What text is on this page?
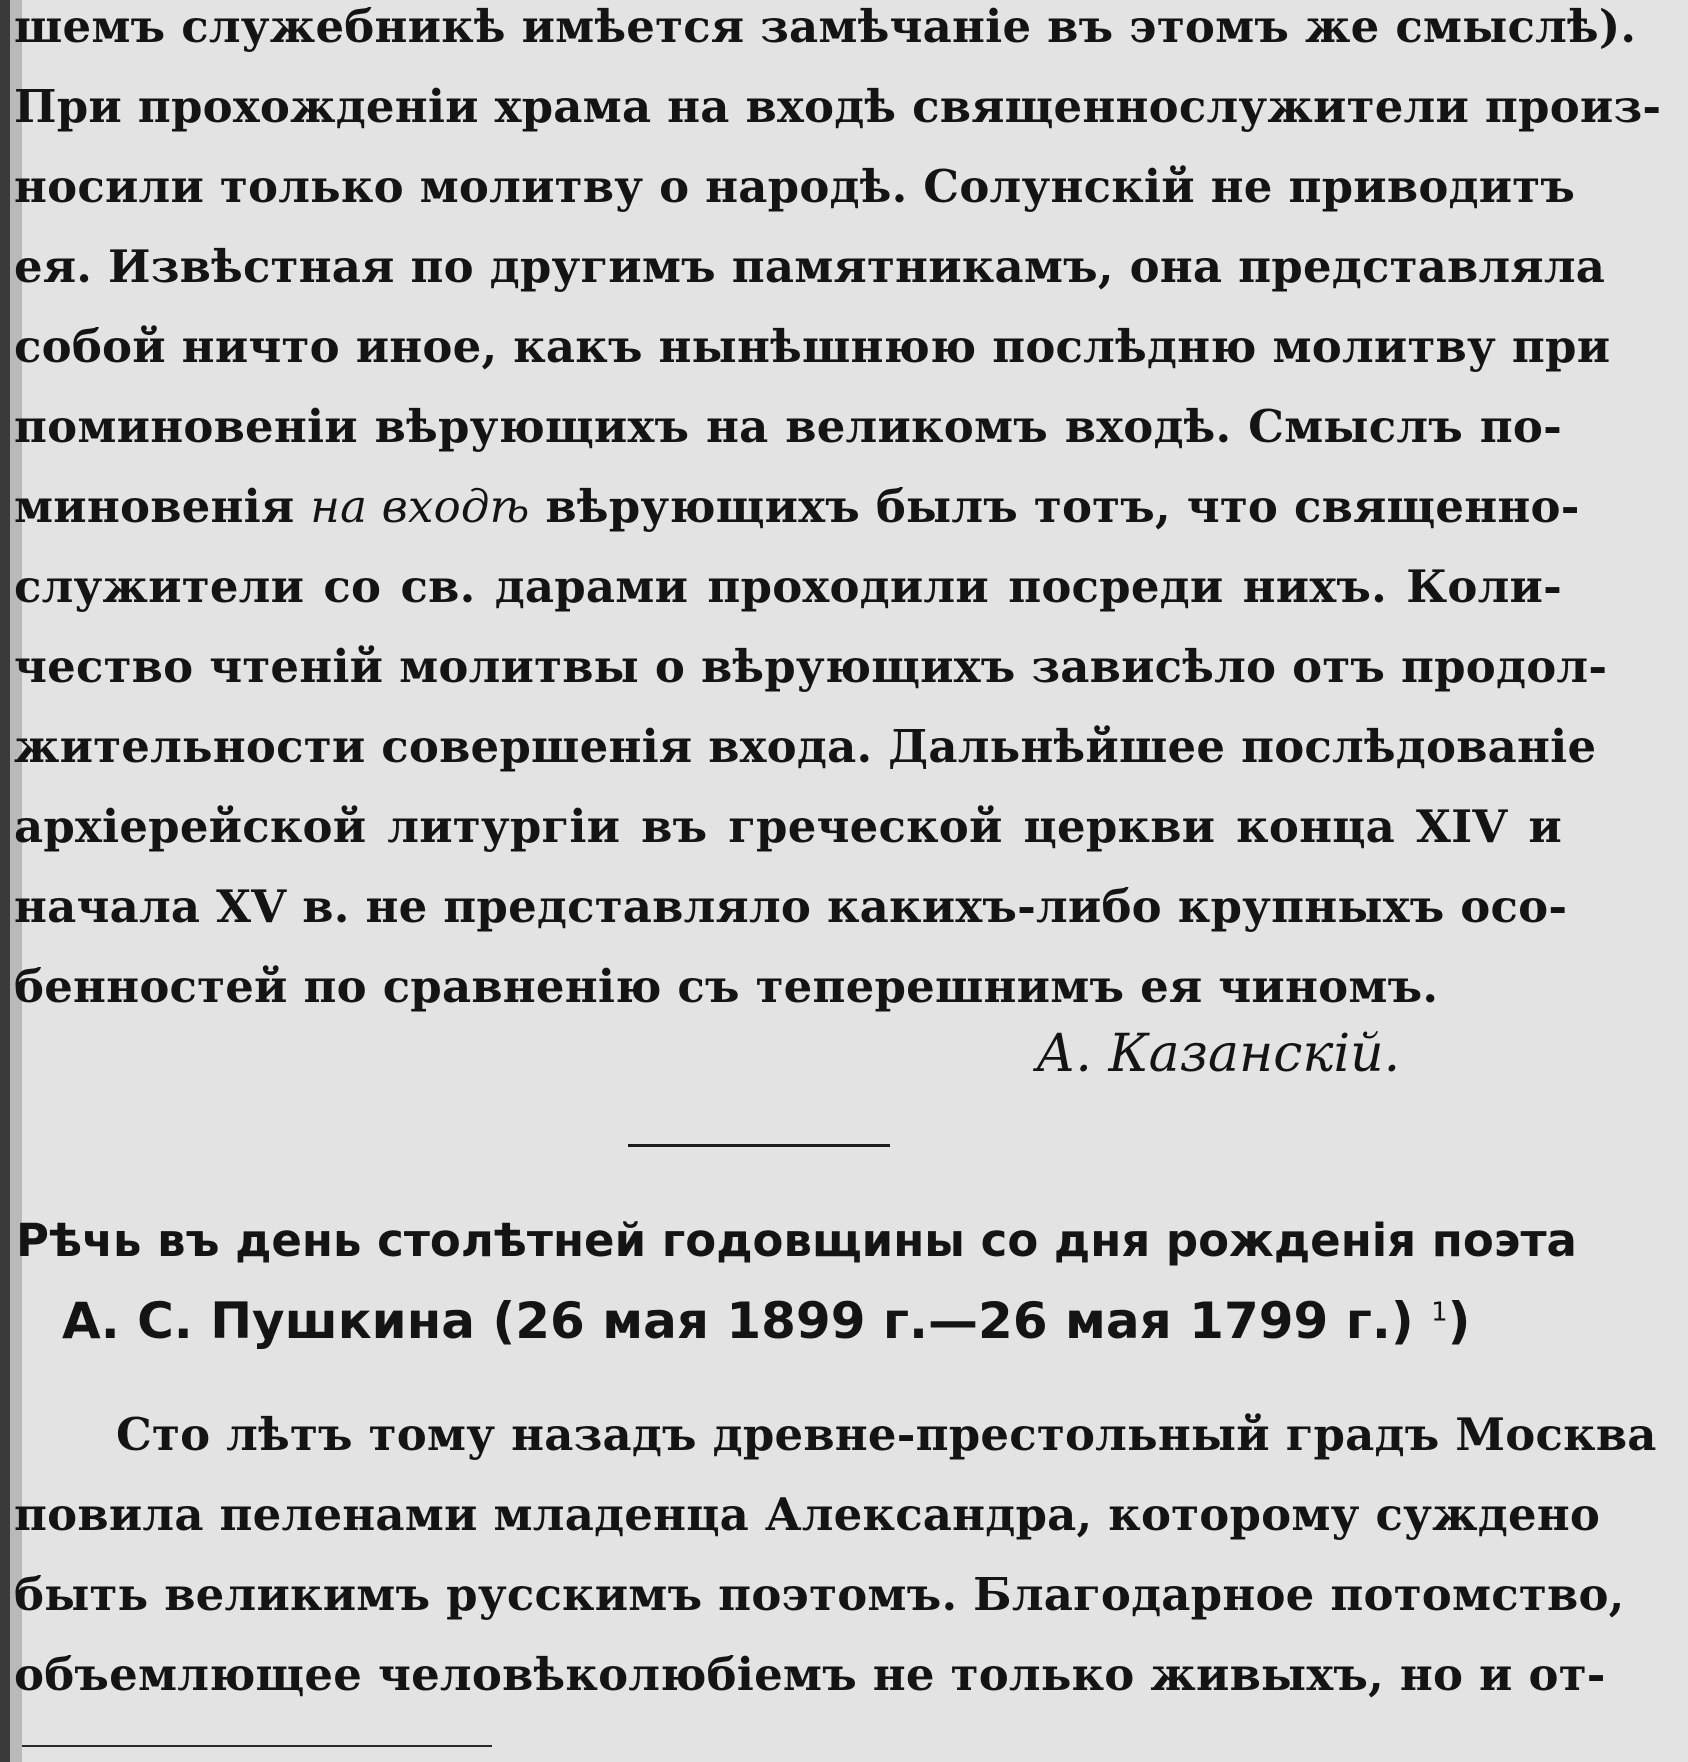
шемъ служебникѣ имѣется замѣчаніе въ этомъ же смыслѣ).

При прохожденіи храма на входѣ священнослужители произ-

носили только молитву о народѣ. Солунскій не приводитъ

ея. Извѣстная по другимъ памятникамъ, она представляла

собой ничто иное, какъ нынѣшнюю послѣдню молитву при

поминовеніи вѣрующихъ на великомъ входѣ. Смыслъ по-

миновенія на входѣ вѣрующихъ былъ тотъ, что священно-

служители со св. дарами проходили посреди нихъ. Коли-

чество чтеній молитвы о вѣрующихъ зависѣло отъ продол-

жительности совершенія входа. Дальнѣйшее послѣдованіе

архіерейской литургіи въ греческой церкви конца XIV и

начала XV в. не представляло какихъ-либо крупныхъ осо-

бенностей по сравненію съ теперешнимъ ея чиномъ.

А. Казанскій.
Рѣчь въ день столѣтней годовщины со дня рожденія поэта
А. С. Пушкина (26 мая 1899 г.—26 мая 1799 г.) $^1$)

Сто лѣтъ тому назадъ древне-престольный градъ Москва

повила пеленами младенца Александра, которому суждено

быть великимъ русскимъ поэтомъ. Благодарное потомство,

объемлющее человѣколюбіемъ не только живыхъ, но и от-
